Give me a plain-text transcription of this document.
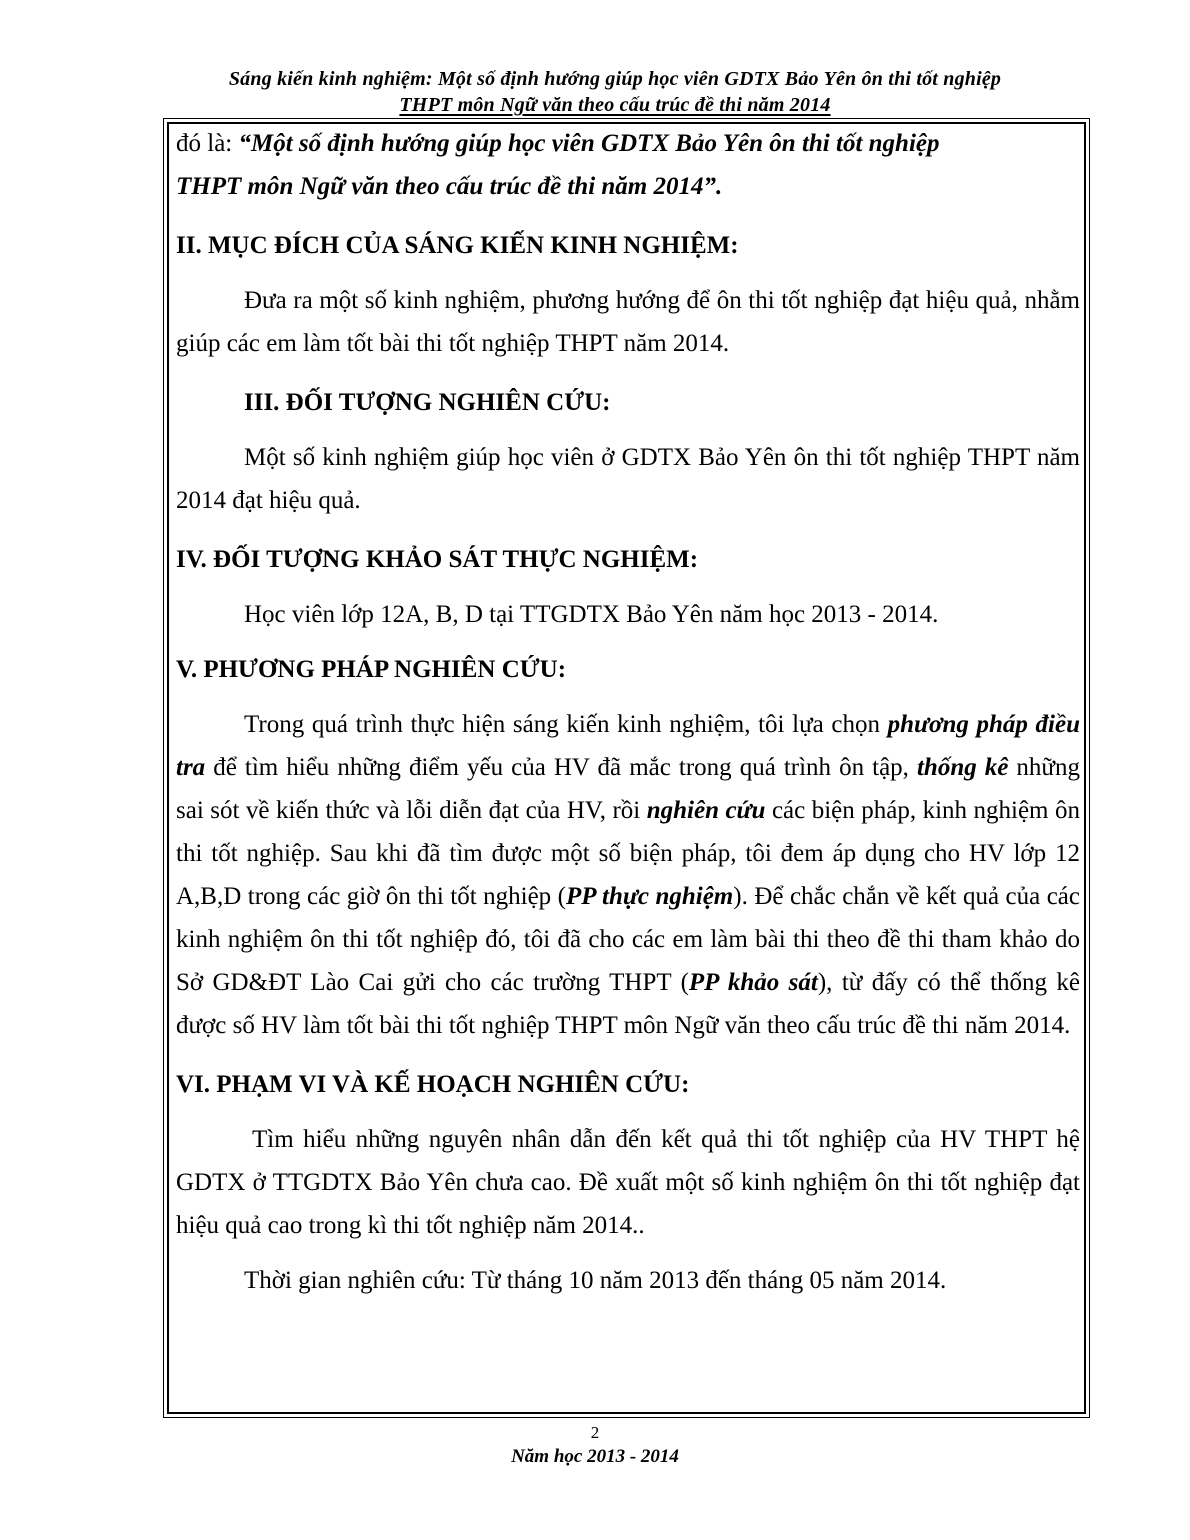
Sáng kiến kinh nghiệm: Một số định hướng giúp học viên GDTX Bảo Yên ôn thi tốt nghiệp
THPT môn Ngữ văn theo cấu trúc đề thi năm 2014

đó là: “Một số định hướng giúp học viên GDTX Bảo Yên ôn thi tốt nghiệp
THPT môn Ngữ văn theo cấu trúc đề thi năm 2014”.

II. MỤC ĐÍCH CỦA SÁNG KIẾN KINH NGHIỆM:

Đưa ra một số kinh nghiệm, phương hướng để ôn thi tốt nghiệp đạt hiệu quả, nhằm giúp các em làm tốt bài thi tốt nghiệp THPT năm 2014.

III. ĐỐI TƯỢNG NGHIÊN CỨU:

Một số kinh nghiệm giúp học viên ở GDTX Bảo Yên ôn thi tốt nghiệp THPT năm 2014 đạt hiệu quả.

IV. ĐỐI TƯỢNG KHẢO SÁT THỰC NGHIỆM:

Học viên lớp 12A, B, D tại TTGDTX Bảo Yên năm học 2013 - 2014.

V. PHƯƠNG PHÁP NGHIÊN CỨU:

Trong quá trình thực hiện sáng kiến kinh nghiệm, tôi lựa chọn phương pháp điều tra để tìm hiểu những điểm yếu của HV đã mắc trong quá trình ôn tập, thống kê những sai sót về kiến thức và lỗi diễn đạt của HV, rồi nghiên cứu các biện pháp, kinh nghiệm ôn thi tốt nghiệp. Sau khi đã tìm được một số biện pháp, tôi đem áp dụng cho HV lớp 12 A,B,D trong các giờ ôn thi tốt nghiệp (PP thực nghiệm). Để chắc chắn về kết quả của các kinh nghiệm ôn thi tốt nghiệp đó, tôi đã cho các em làm bài thi theo đề thi tham khảo do Sở GD&ĐT Lào Cai gửi cho các trường THPT (PP khảo sát), từ đấy có thể thống kê được số HV làm tốt bài thi tốt nghiệp THPT môn Ngữ văn theo cấu trúc đề thi năm 2014.

VI. PHẠM VI VÀ KẾ HOẠCH NGHIÊN CỨU:

Tìm hiểu những nguyên nhân dẫn đến kết quả thi tốt nghiệp của HV THPT hệ GDTX ở TTGDTX Bảo Yên chưa cao. Đề xuất một số kinh nghiệm ôn thi tốt nghiệp đạt hiệu quả cao trong kì thi tốt nghiệp năm 2014..

Thời gian nghiên cứu: Từ tháng 10 năm 2013 đến tháng 05 năm 2014.

2
Năm học 2013 - 2014
